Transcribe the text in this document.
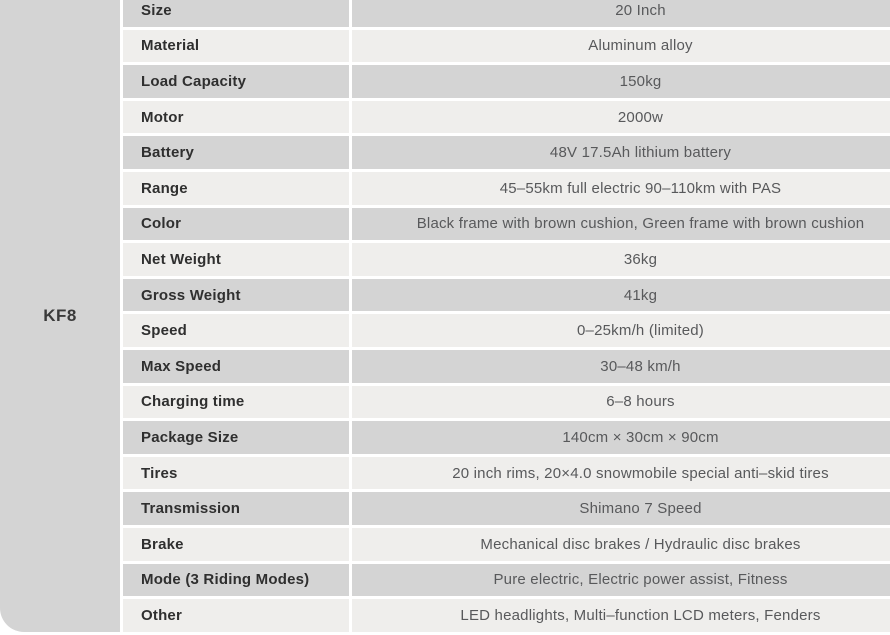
KF8
Size	20 Inch
Material	Aluminum alloy
Load Capacity	150kg
Motor	2000w
Battery	48V 17.5Ah lithium battery
Range	45–55km full electric 90–110km with PAS
Color	Black frame with brown cushion, Green frame with brown cushion
Net Weight	36kg
Gross Weight	41kg
Speed	0–25km/h (limited)
Max Speed	30–48 km/h
Charging time	6–8 hours
Package Size	140cm × 30cm × 90cm
Tires	20 inch rims, 20×4.0 snowmobile special anti–skid tires
Transmission	Shimano 7 Speed
Brake	Mechanical disc brakes / Hydraulic disc brakes
Mode (3 Riding Modes)	Pure electric, Electric power assist, Fitness
Other	LED headlights, Multi–function LCD meters, Fenders
